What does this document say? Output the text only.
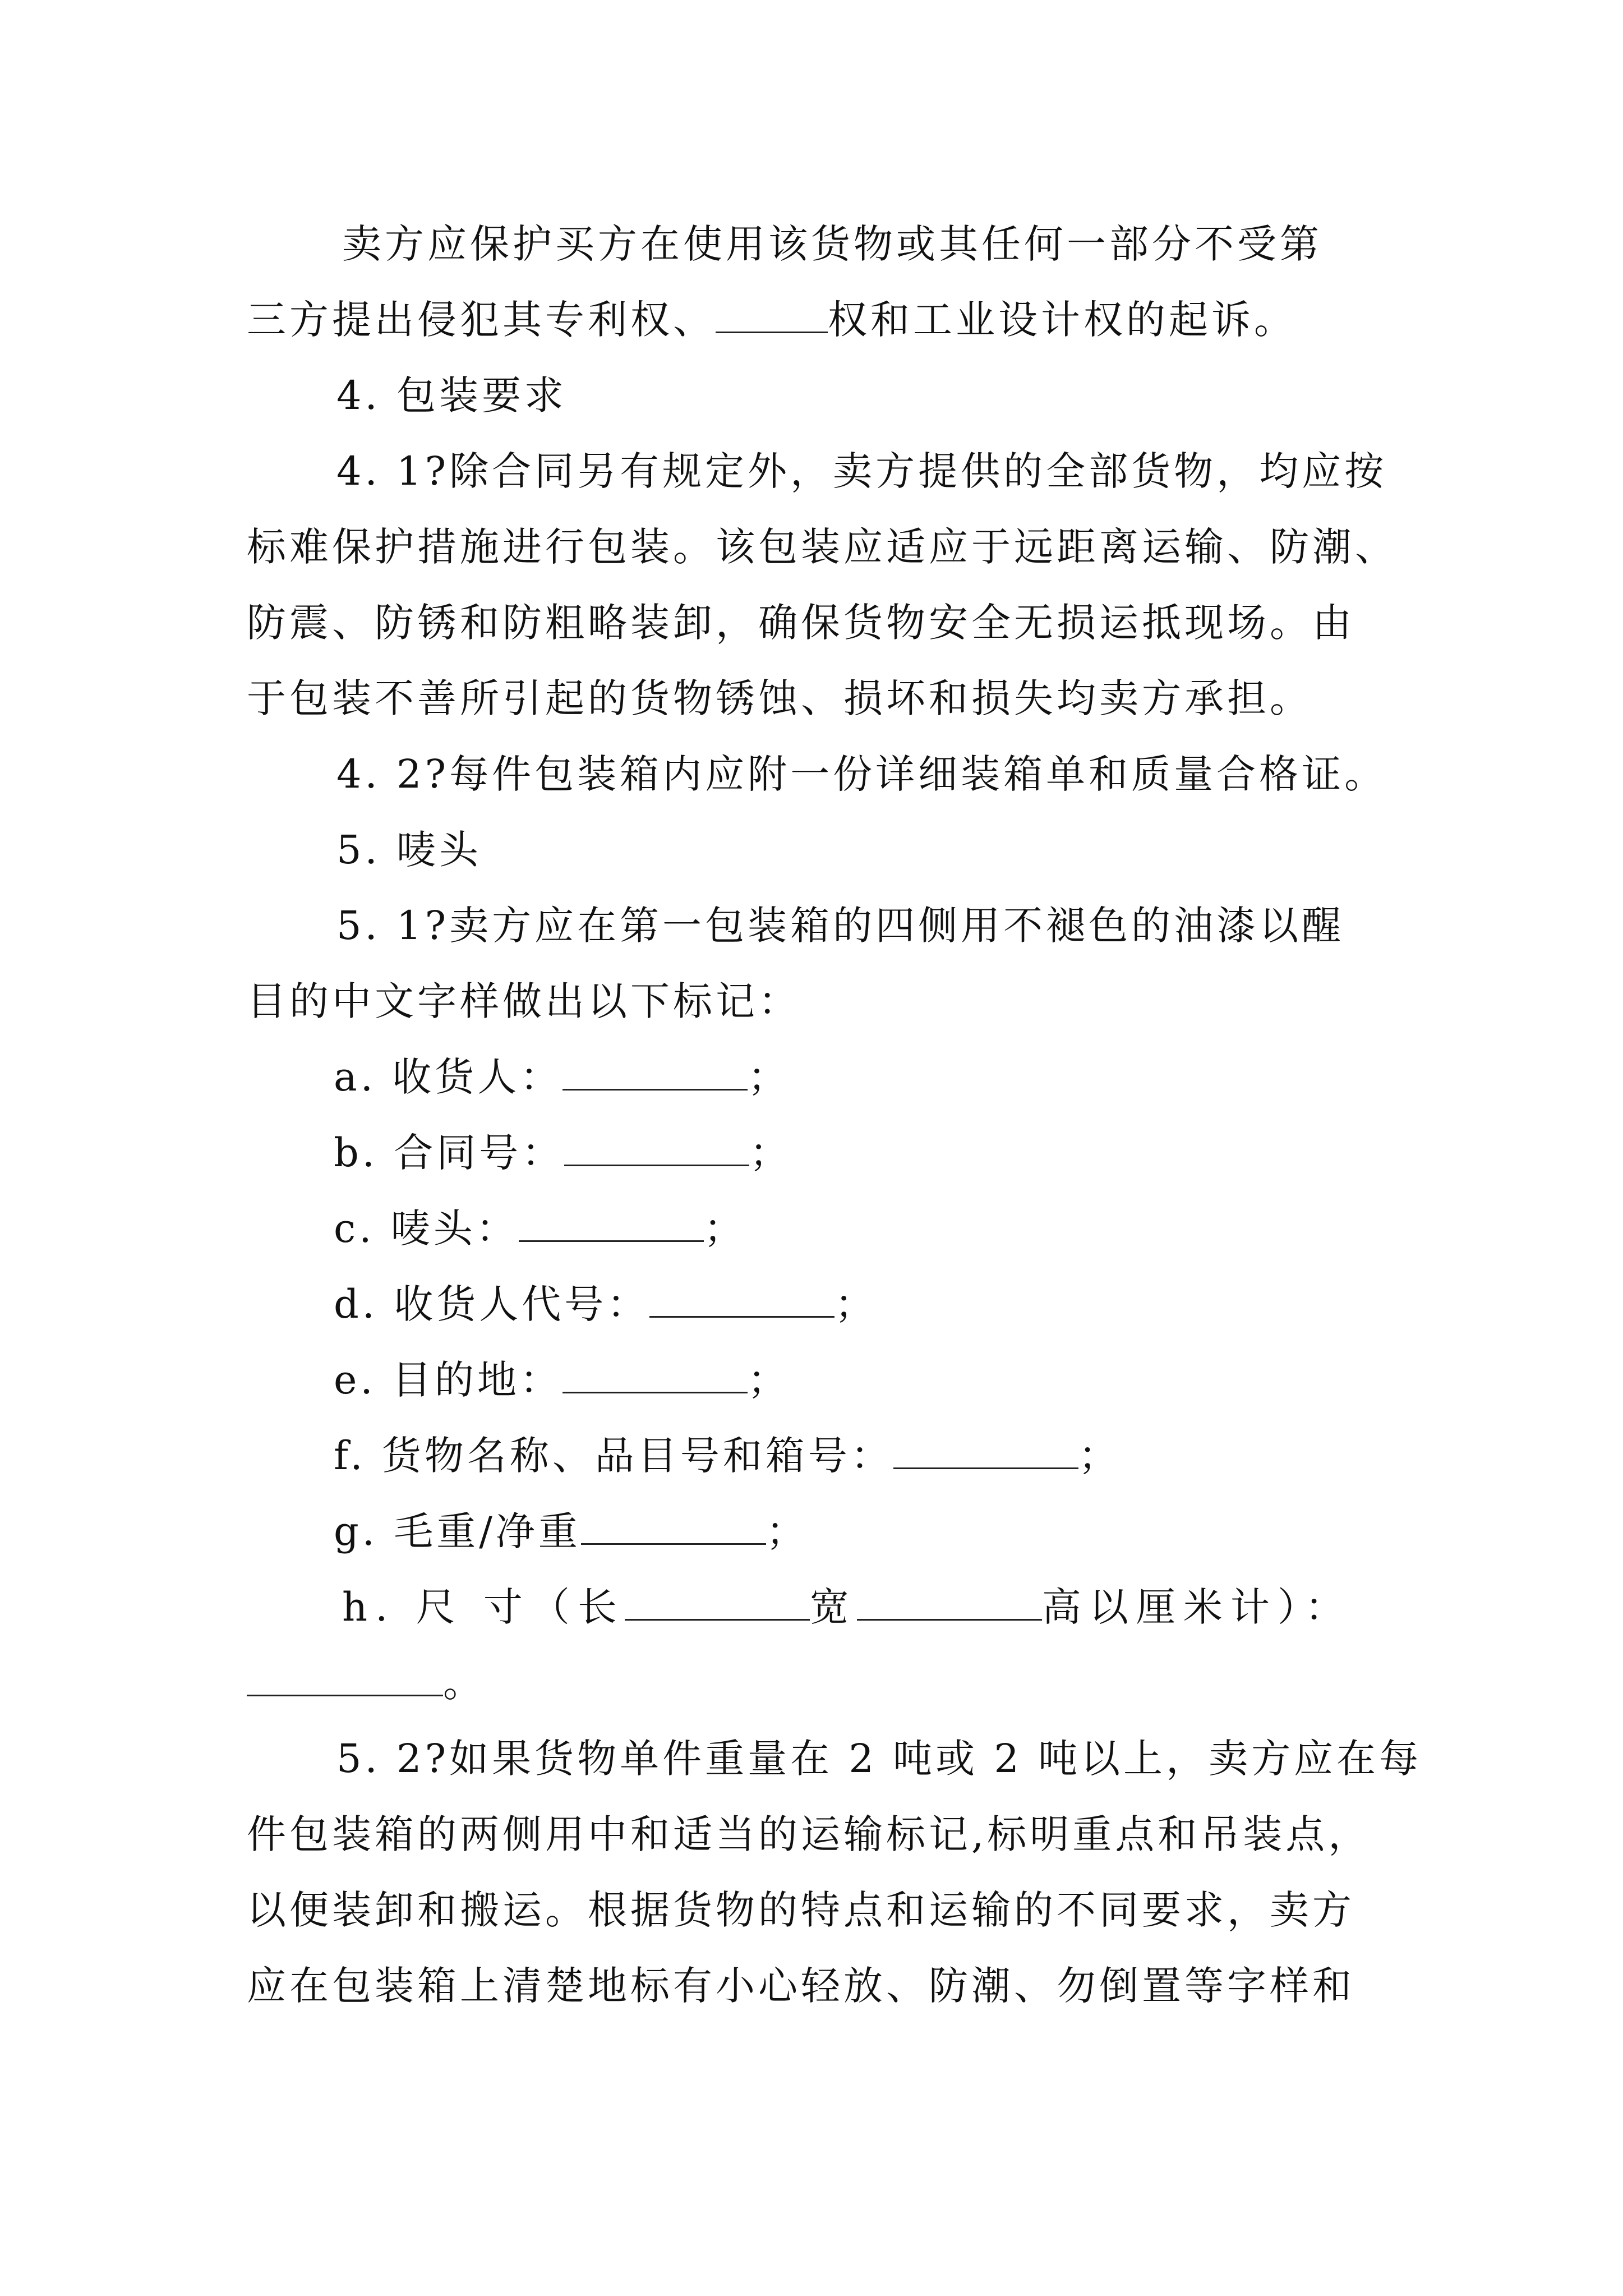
卖方应保护买方在使用该货物或其任何一部分不受第
三方提出侵犯其专利权、	权和工业设计权的起诉。
4. 包装要求
4. 1?除合同另有规定外，卖方提供的全部货物，均应按
标难保护措施进行包装。该包装应适应于远距离运输、防潮、
防震、防锈和防粗略装卸，确保货物安全无损运抵现场。由
于包装不善所引起的货物锈蚀、损坏和损失均卖方承担。
4. 2?每件包装箱内应附一份详细装箱单和质量合格证。
5. 唛头
5. 1?卖方应在第一包装箱的四侧用不褪色的油漆以醒
目的中文字样做出以下标记：
a. 收货人：	；
b. 合同号：	；
c. 唛头：	；
d. 收货人代号：	；
e. 目的地：	；
f. 货物名称、品目号和箱号：	；
g. 毛重/净重	；
h. 尺 寸（长	宽	高以厘米计）：
。
5. 2?如果货物单件重量在 2 吨或 2 吨以上，卖方应在每
件包装箱的两侧用中和适当的运输标记,标明重点和吊装点，
以便装卸和搬运。根据货物的特点和运输的不同要求，卖方
应在包装箱上清楚地标有小心轻放、防潮、勿倒置等字样和
